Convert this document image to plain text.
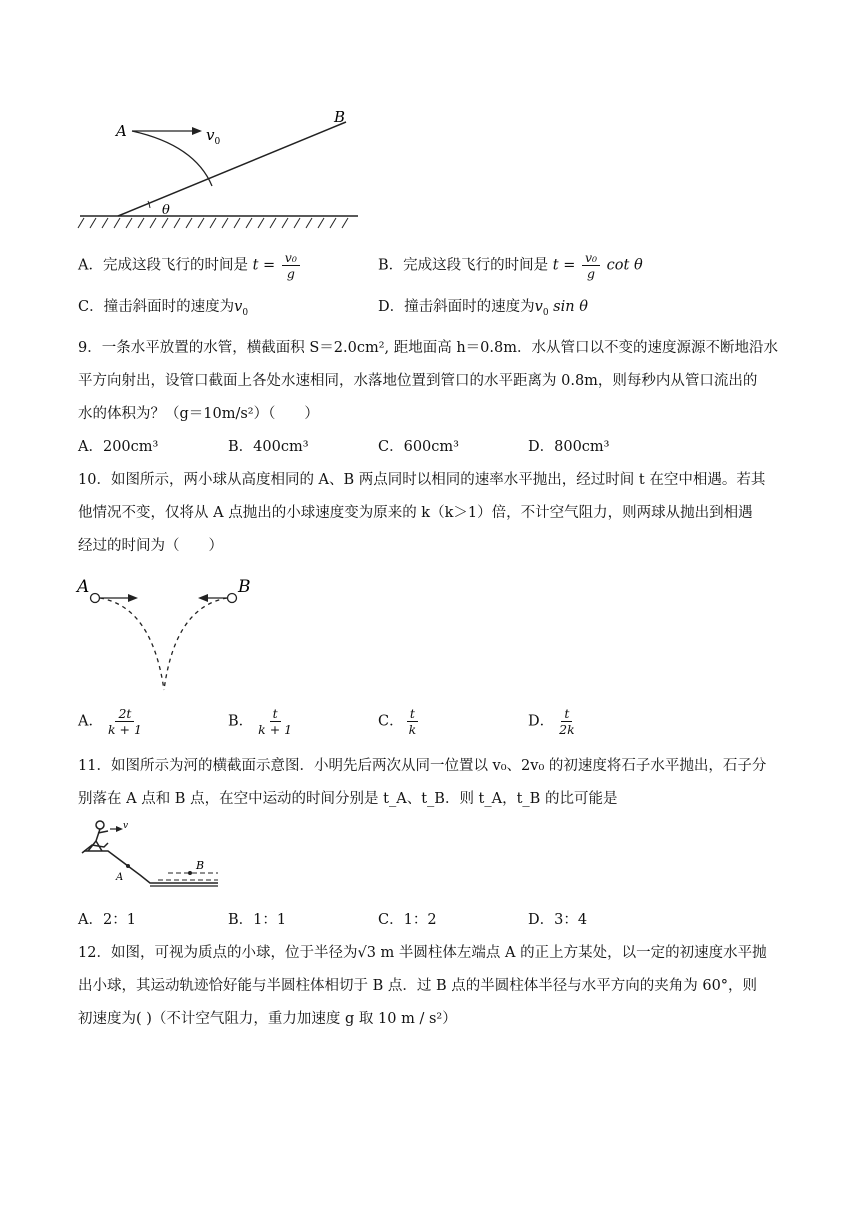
A
B
$v_0$
θ
A．完成这段飞行的时间是 $t = \frac{\text{v₀}}{g}$	B．完成这段飞行的时间是 $t = \frac{\text{v₀}}{g}$ cot θ
C．撞击斜面时的速度为$v_0$	D．撞击斜面时的速度为$v_0$ sin θ
9．一条水平放置的水管，横截面积 S＝2.0cm², 距地面高 h＝0.8m．水从管口以不变的速度源源不断地沿水
平方向射出，设管口截面上各处水速相同，水落地位置到管口的水平距离为 0.8m，则每秒内从管口流出的
水的体积为？（g＝10m/s²）（　　）
A．200cm³	B．400cm³	C．600cm³	D．800cm³
10．如图所示，两小球从高度相同的 A、B 两点同时以相同的速率水平抛出，经过时间 t 在空中相遇。若其
他情况不变，仅将从 A 点抛出的小球速度变为原来的 k（k＞1）倍，不计空气阻力，则两球从抛出到相遇
经过的时间为（　　）
A	B
A． $\frac{2t}{k + 1}$	B． $\frac{t}{k + 1}$	C． $\frac{t}{k}$	D． $\frac{t}{2k}$
11．如图所示为河的横截面示意图．小明先后两次从同一位置以 v₀、2v₀ 的初速度将石子水平抛出，石子分
别落在 A 点和 B 点，在空中运动的时间分别是 t_A、t_B．则 t_A，t_B 的比可能是
v
A
B
A．2：1	B．1：1	C．1：2	D．3：4
12．如图，可视为质点的小球，位于半径为√3 m 半圆柱体左端点 A 的正上方某处，以一定的初速度水平抛
出小球，其运动轨迹恰好能与半圆柱体相切于 B 点．过 B 点的半圆柱体半径与水平方向的夹角为 60°，则
初速度为( )（不计空气阻力，重力加速度 g 取 10 m / s²）
